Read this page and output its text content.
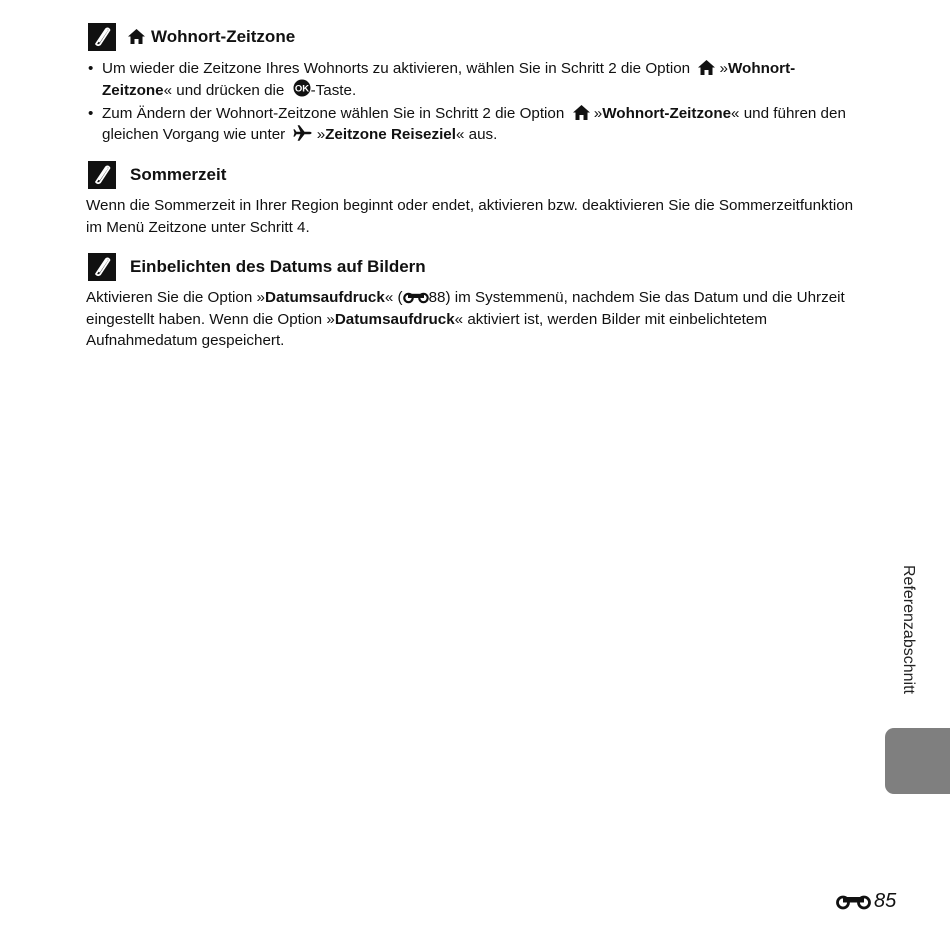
Wohnort-Zeitzone
• Um wieder die Zeitzone Ihres Wohnorts zu aktivieren, wählen Sie in Schritt 2 die Option  »Wohnort-Zeitzone« und drücken die OK -Taste.
• Zum Ändern der Wohnort-Zeitzone wählen Sie in Schritt 2 die Option  »Wohnort-Zeitzone« und führen den gleichen Vorgang wie unter  »Zeitzone Reiseziel« aus.
Sommerzeit
Wenn die Sommerzeit in Ihrer Region beginnt oder endet, aktivieren bzw. deaktivieren Sie die Sommerzeitfunktion im Menü Zeitzone unter Schritt 4.
Einbelichten des Datums auf Bildern
Aktivieren Sie die Option »Datumsaufdruck« ( 88) im Systemmenü, nachdem Sie das Datum und die Uhrzeit eingestellt haben. Wenn die Option »Datumsaufdruck« aktiviert ist, werden Bilder mit einbelichtetem Aufnahmedatum gespeichert.
Referenzabschnitt
85
